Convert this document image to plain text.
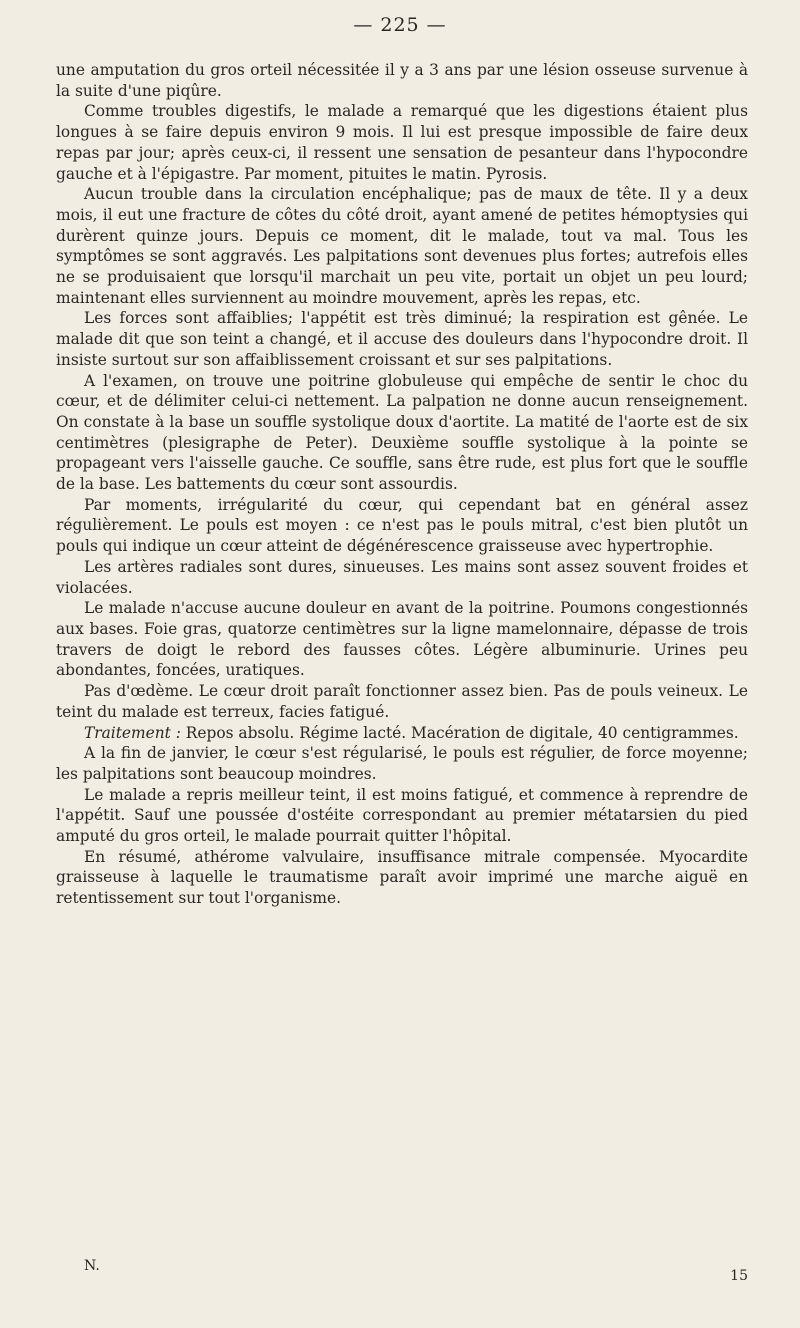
— 225 —

une amputation du gros orteil nécessitée il y a 3 ans par une lésion osseuse survenue à la suite d'une piqûre.

Comme troubles digestifs, le malade a remarqué que les digestions étaient plus longues à se faire depuis environ 9 mois. Il lui est presque impossible de faire deux repas par jour; après ceux-ci, il ressent une sensation de pesanteur dans l'hypocondre gauche et à l'épigastre. Par moment, pituites le matin. Pyrosis.

Aucun trouble dans la circulation encéphalique; pas de maux de tête. Il y a deux mois, il eut une fracture de côtes du côté droit, ayant amené de petites hémoptysies qui durèrent quinze jours. Depuis ce moment, dit le malade, tout va mal. Tous les symptômes se sont aggravés. Les palpitations sont devenues plus fortes; autrefois elles ne se produisaient que lorsqu'il marchait un peu vite, portait un objet un peu lourd; maintenant elles surviennent au moindre mouvement, après les repas, etc.

Les forces sont affaiblies; l'appétit est très diminué; la respiration est gênée. Le malade dit que son teint a changé, et il accuse des douleurs dans l'hypocondre droit. Il insiste surtout sur son affaiblissement croissant et sur ses palpitations.

A l'examen, on trouve une poitrine globuleuse qui empêche de sentir le choc du cœur, et de délimiter celui-ci nettement. La palpation ne donne aucun renseignement. On constate à la base un souffle systolique doux d'aortite. La matité de l'aorte est de six centimètres (plesigraphe de Peter). Deuxième souffle systolique à la pointe se propageant vers l'aisselle gauche. Ce souffle, sans être rude, est plus fort que le souffle de la base. Les battements du cœur sont assourdis.

Par moments, irrégularité du cœur, qui cependant bat en général assez régulièrement. Le pouls est moyen : ce n'est pas le pouls mitral, c'est bien plutôt un pouls qui indique un cœur atteint de dégénérescence graisseuse avec hypertrophie.

Les artères radiales sont dures, sinueuses. Les mains sont assez souvent froides et violacées.

Le malade n'accuse aucune douleur en avant de la poitrine. Poumons congestionnés aux bases. Foie gras, quatorze centimètres sur la ligne mamelonnaire, dépasse de trois travers de doigt le rebord des fausses côtes. Légère albuminurie. Urines peu abondantes, foncées, uratiques.

Pas d'œdème. Le cœur droit paraît fonctionner assez bien. Pas de pouls veineux. Le teint du malade est terreux, facies fatigué.

Traitement : Repos absolu. Régime lacté. Macération de digitale, 40 centigrammes.

A la fin de janvier, le cœur s'est régularisé, le pouls est régulier, de force moyenne; les palpitations sont beaucoup moindres.

Le malade a repris meilleur teint, il est moins fatigué, et commence à reprendre de l'appétit. Sauf une poussée d'ostéite correspondant au premier métatarsien du pied amputé du gros orteil, le malade pourrait quitter l'hôpital.

En résumé, athérome valvulaire, insuffisance mitrale compensée. Myocardite graisseuse à laquelle le traumatisme paraît avoir imprimé une marche aiguë en retentissement sur tout l'organisme.

N.
15
